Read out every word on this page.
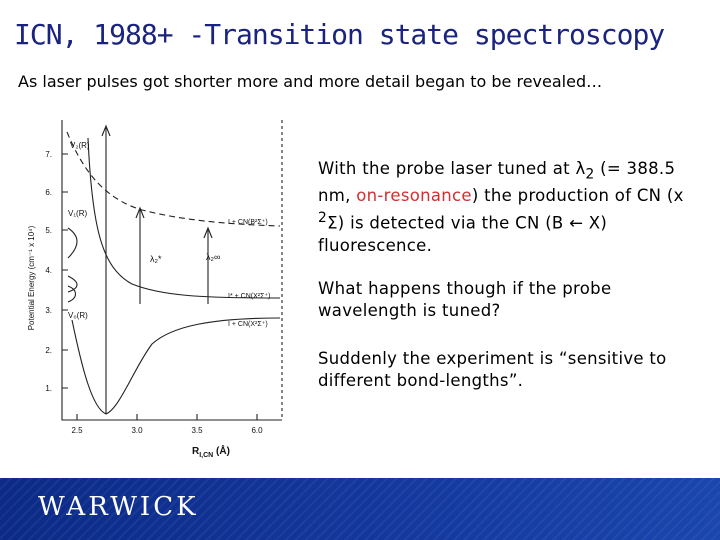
ICN, 1988+ -Transition state spectroscopy
As laser pulses got shorter more and more detail began to be revealed…
7.
6.
5.
4.
3.
2.
1.
2.5	3.0	3.5	6.0
Potential Energy (cm⁻¹ x 10⁴)
V₂(R)
V₁(R)
V₀(R)
I + CN(B²Σ⁺)
I* + CN(X²Σ⁺)
I + CN(X²Σ⁺)
λ₂*	λ₂∞
$R_{I,CN}$ (Å)
With the probe laser tuned at $\lambda_2$ (= 388.5 nm, on-resonance) the production of CN (x $^2$Σ) is detected via the CN (B ← X) fluorescence.
What happens though if the probe wavelength is tuned?
Suddenly the experiment is “sensitive to different bond-lengths”.
WARWICK
